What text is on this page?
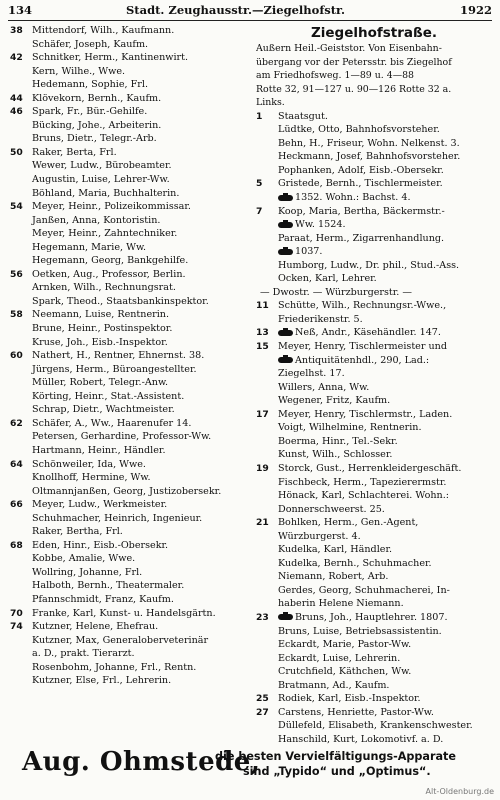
134	Stadt. Zeughausstr.—Ziegelhofstr.	1922
38 Mittendorf, Wilh., Kaufmann.
Schäfer, Joseph, Kaufm.
42 Schnitker, Herm., Kantinenwirt.
Kern, Wilhe., Wwe.
Hedemann, Sophie, Frl.
44 Klövekorn, Bernh., Kaufm.
46 Spark, Fr., Bür.-Gehilfe.
Bücking, Johe., Arbeiterin.
Bruns, Dietr., Telegr.-Arb.
50 Raker, Berta, Frl.
Wewer, Ludw., Bürobeamter.
Augustin, Luise, Lehrer-Ww.
Böhland, Maria, Buchhalterin.
54 Meyer, Heinr., Polizeikommissar.
Janßen, Anna, Kontoristin.
Meyer, Heinr., Zahntechniker.
Hegemann, Marie, Ww.
Hegemann, Georg, Bankgehilfe.
56 Oetken, Aug., Professor, Berlin.
Arnken, Wilh., Rechnungsrat.
Spark, Theod., Staatsbankinspektor.
58 Neemann, Luise, Rentnerin.
Brune, Heinr., Postinspektor.
Kruse, Joh., Eisb.-Inspektor.
60 Nathert, H., Rentner, Ehnernst. 38.
Jürgens, Herm., Büroangestellter.
Müller, Robert, Telegr.-Anw.
Körting, Heinr., Stat.-Assistent.
Schrap, Dietr., Wachtmeister.
62 Schäfer, A., Ww., Haarenufer 14.
Petersen, Gerhardine, Professor-Ww.
Hartmann, Heinr., Händler.
64 Schönweiler, Ida, Wwe.
Knollhoff, Hermine, Ww.
Oltmannjanßen, Georg, Justizobersekr.
66 Meyer, Ludw., Werkmeister.
Schuhmacher, Heinrich, Ingenieur.
Raker, Bertha, Frl.
68 Eden, Hinr., Eisb.-Obersekr.
Kobbe, Amalie, Wwe.
Wollring, Johanne, Frl.
Halboth, Bernh., Theatermaler.
Pfannschmidt, Franz, Kaufm.
70 Franke, Karl, Kunst- u. Handelsgärtn.
74 Kutzner, Helene, Ehefrau.
Kutzner, Max, Generaloberveterinär
a. D., prakt. Tierarzt.
Rosenbohm, Johanne, Frl., Rentn.
Kutzner, Else, Frl., Lehrerin.
Ziegelhofstraße.
Außern Heil.-Geiststor. Von Eisenbahn-
übergang vor der Petersstr. bis Ziegelhof
am Friedhofsweg. 1—89 u. 4—88
Rotte 32, 91—127 u. 90—126 Rotte 32 a.
Links.
1 Staatsgut.
Lüdtke, Otto, Bahnhofsvorsteher.
Behn, H., Friseur, Wohn. Nelkenst. 3.
Heckmann, Josef, Bahnhofsvorsteher.
Pophanken, Adolf, Eisb.-Obersekr.
5 Gristede, Bernh., Tischlermeister.
1352. Wohn.: Bachst. 4.
7 Koop, Maria, Bertha, Bäckermstr.-
Ww. 1524.
Paraat, Herm., Zigarrenhandlung.
1037.
Humborg, Ludw., Dr. phil., Stud.-Ass.
Ocken, Karl, Lehrer.
— Dwostr. — Würzburgerstr. —
11 Schütte, Wilh., Rechnungsr.-Wwe.,
Friederikenstr. 5.
13	Neß, Andr., Käsehändler. 147.
15 Meyer, Henry, Tischlermeister und
Antiquitätenhdl., 290, Lad.:
Ziegelhst. 17.
Willers, Anna, Ww.
Wegener, Fritz, Kaufm.
17 Meyer, Henry, Tischlermstr., Laden.
Voigt, Wilhelmine, Rentnerin.
Boerma, Hinr., Tel.-Sekr.
Kunst, Wilh., Schlosser.
19 Storck, Gust., Herrenkleidergeschäft.
Fischbeck, Herm., Tapezierermstr.
Hönack, Karl, Schlachterei. Wohn.:
Donnerschweerst. 25.
21 Bohlken, Herm., Gen.-Agent,
Würzburgerst. 4.
Kudelka, Karl, Händler.
Kudelka, Bernh., Schuhmacher.
Niemann, Robert, Arb.
Gerdes, Georg, Schuhmacherei, In-
haberin Helene Niemann.
23	Bruns, Joh., Hauptlehrer. 1807.
Bruns, Luise, Betriebsassistentin.
Eckardt, Marie, Pastor-Ww.
Eckardt, Luise, Lehrerin.
Crutchfield, Käthchen, Ww.
Bratmann, Ad., Kaufm.
25 Rodiek, Karl, Eisb.-Inspektor.
27 Carstens, Henriette, Pastor-Ww.
Düllefeld, Elisabeth, Krankenschwester.
Hanschild, Kurt, Lokomotivf. a. D.
Aug. Ohmstede,
die besten Vervielfältigungs-Apparate
sind „Typido“ und „Optimus“.
Alt-Oldenburg.de
